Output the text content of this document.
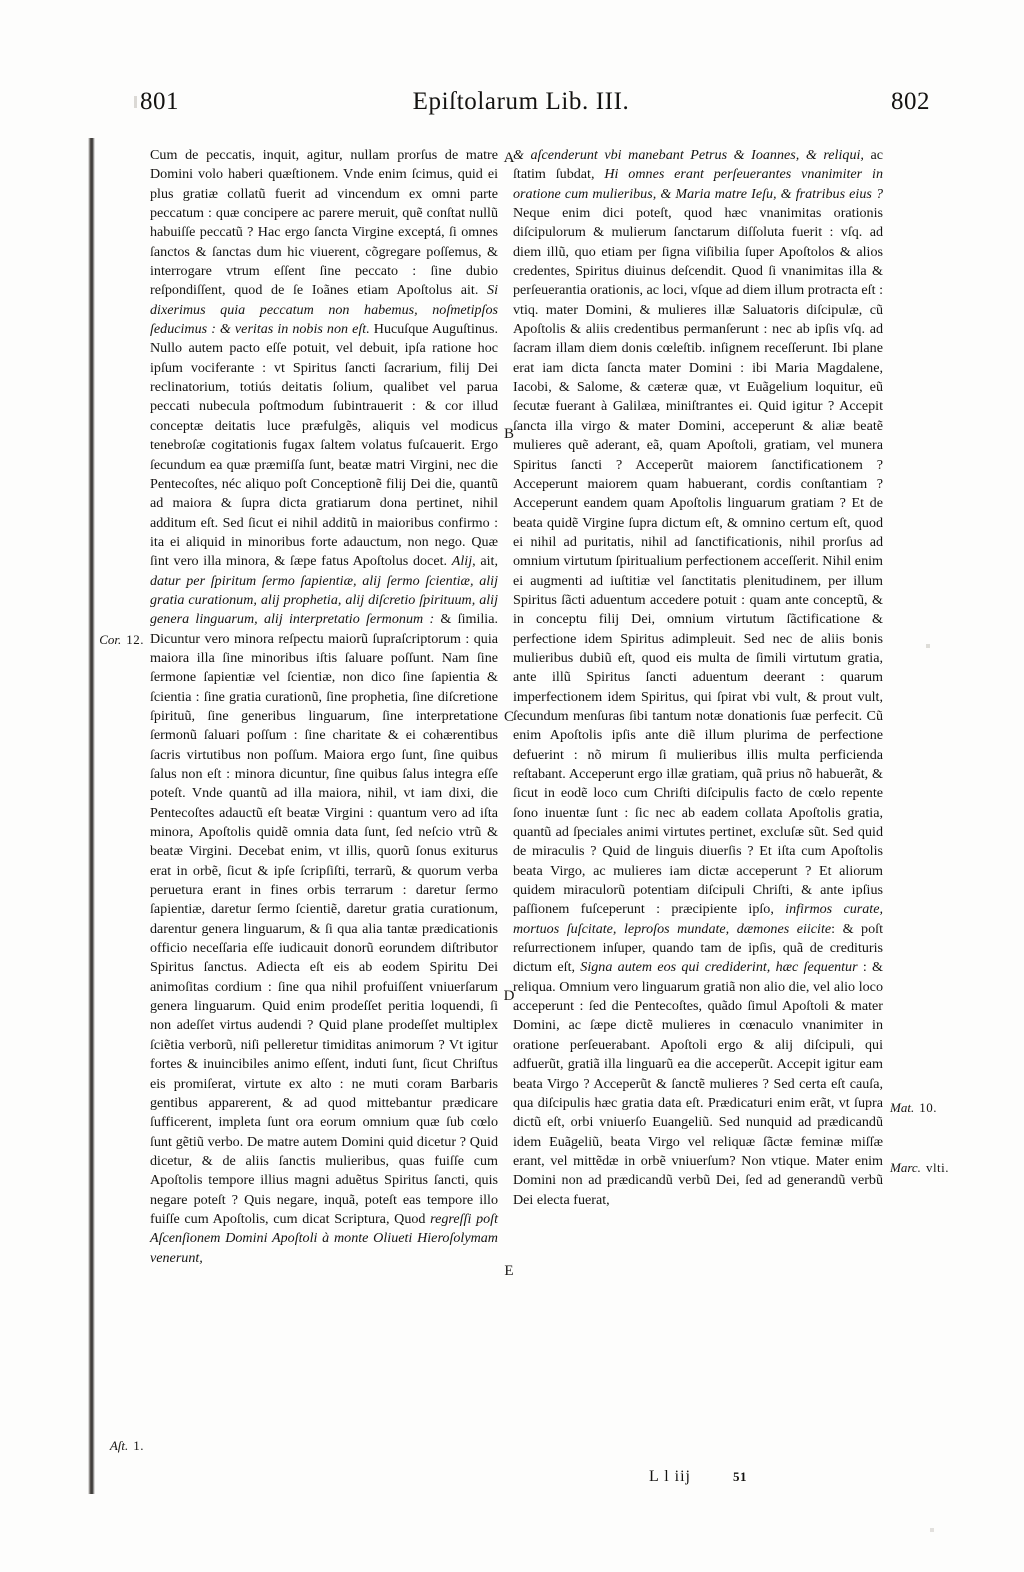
801	Epiſtolarum Lib. III.	802

Cum de peccatis, inquit, agitur, nullam prorſus de matre Domini volo haberi quæſtionem. Vnde enim ſcimus, quid ei plus gratiæ collatũ fuerit ad vincendum ex omni parte peccatum : quæ concipere ac parere meruit, quẽ conſtat nullũ habuiſſe peccatũ ? Hac ergo ſancta Virgine exceptá, ſi omnes ſanctos & ſanctas dum hic viuerent, cõgregare poſſemus, & interrogare vtrum eſſent ſine peccato : ſine dubio reſpondiſſent, quod de ſe Ioãnes etiam Apoſtolus ait. Si dixerimus quia peccatum non habemus, noſmetipſos ſeducimus : & veritas in nobis non eſt. Hucuſque Auguſtinus. Nullo autem pacto eſſe potuit, vel debuit, ipſa ratione hoc ipſum vociferante : vt Spiritus ſancti ſacrarium, filij Dei reclinatorium, totiús deitatis ſolium, qualibet vel parua peccati nubecula poſtmodum ſubintrauerit : & cor illud conceptæ deitatis luce præfulgẽs, aliquis vel modicus tenebroſæ cogitationis fugax ſaltem volatus fuſcauerit. Ergo ſecundum ea quæ præmiſſa ſunt, beatæ matri Virgini, nec die Pentecoſtes, néc aliquo poſt Conceptionẽ filij Dei die, quantũ ad maiora & ſupra dicta gratiarum dona pertinet, nihil additum eſt. Sed ſicut ei nihil additũ in maioribus confirmo : ita ei aliquid in minoribus forte adauctum, non nego. Quæ ſint vero illa minora, & ſæpe fatus Apoſtolus docet. Alij, ait, datur per ſpiritum ſermo ſapientiæ, alij ſermo ſcientiæ, alij gratia curationum, alij prophetia, alij diſcretio ſpirituum, alij genera linguarum, alij interpretatio ſermonum : & ſimilia. Dicuntur vero minora reſpectu maiorũ ſupraſcriptorum : quia maiora illa ſine minoribus iſtis ſaluare poſſunt. Nam ſine ſermone ſapientiæ vel ſcientiæ, non dico ſine ſapientia & ſcientia : ſine gratia curationũ, ſine prophetia, ſine diſcretione ſpirituũ, ſine generibus linguarum, ſine interpretatione ſermonũ ſaluari poſſum : ſine charitate & ei cohærentibus ſacris virtutibus non poſſum. Maiora ergo ſunt, ſine quibus ſalus non eſt : minora dicuntur, ſine quibus ſalus integra eſſe poteſt. Vnde quantũ ad illa maiora, nihil, vt iam dixi, die Pentecoſtes adauctũ eſt beatæ Virgini : quantum vero ad iſta minora, Apoſtolis quidẽ omnia data ſunt, ſed neſcio vtrũ & beatæ Virgini. Decebat enim, vt illis, quorũ ſonus exiturus erat in orbẽ, ſicut & ipſe ſcripſiſti, terrarũ, & quorum verba peruetura erant in fines orbis terrarum : daretur ſermo ſapientiæ, daretur ſermo ſcientiẽ, daretur gratia curationum, darentur genera linguarum, & ſi qua alia tantæ prædicationis officio neceſſaria eſſe iudicauit donorũ eorundem diſtributor Spiritus ſanctus. Adiecta eſt eis ab eodem Spiritu Dei animoſitas cordium : ſine qua nihil profuiſſent vniuerſarum genera linguarum. Quid enim prodeſſet peritia loquendi, ſi non adeſſet virtus audendi ? Quid plane prodeſſet multiplex ſciẽtia verborũ, niſi pelleretur timiditas animorum ? Vt igitur fortes & inuincibiles animo eſſent, induti ſunt, ſicut Chriſtus eis promiſerat, virtute ex alto : ne muti coram Barbaris gentibus apparerent, & ad quod mittebantur prædicare ſufficerent, impleta ſunt ora eorum omnium quæ ſub cœlo ſunt gẽtiũ verbo. De matre autem Domini quid dicetur ? Quid dicetur, & de aliis ſanctis mulieribus, quas fuiſſe cum Apoſtolis tempore illius magni aduẽtus Spiritus ſancti, quis negare poteſt ? Quis negare, inquã, poteſt eas tempore illo fuiſſe cum Apoſtolis, cum dicat Scriptura, Quod regreſſi poſt Aſcenſionem Domini Apoſtoli à monte Oliueti Hieroſolymam venerunt,

& aſcenderunt vbi manebant Petrus & Ioannes, & reliqui, ac ſtatim ſubdat, Hi omnes erant perſeuerantes vnanimiter in oratione cum mulieribus, & Maria matre Ieſu, & fratribus eius ? Neque enim dici poteſt, quod hæc vnanimitas orationis diſcipulorum & mulierum ſanctarum diſſoluta fuerit : vſq. ad diem illũ, quo etiam per ſigna viſibilia ſuper Apoſtolos & alios credentes, Spiritus diuinus deſcendit. Quod ſi vnanimitas illa & perſeuerantia orationis, ac loci, vſque ad diem illum protracta eſt : vtiq. mater Domini, & mulieres illæ Saluatoris diſcipulæ, cũ Apoſtolis & aliis credentibus permanſerunt : nec ab ipſis vſq. ad ſacram illam diem donis cœleſtib. inſignem receſſerunt. Ibi plane erat iam dicta ſancta mater Domini : ibi Maria Magdalene, Iacobi, & Salome, & cæteræ quæ, vt Euãgelium loquitur, eũ ſecutæ fuerant à Galilæa, miniſtrantes ei. Quid igitur ? Accepit ſancta illa virgo & mater Domini, acceperunt & aliæ beatẽ mulieres quẽ aderant, eã, quam Apoſtoli, gratiam, vel munera Spiritus ſancti ? Acceperũt maiorem ſanctificationem ? Acceperunt maiorem quam habuerant, cordis conſtantiam ? Acceperunt eandem quam Apoſtolis linguarum gratiam ? Et de beata quidẽ Virgine ſupra dictum eſt, & omnino certum eſt, quod ei nihil ad puritatis, nihil ad ſanctificationis, nihil prorſus ad omnium virtutum ſpiritualium perfectionem acceſſerit. Nihil enim ei augmenti ad iuſtitiæ vel ſanctitatis plenitudinem, per illum Spiritus ſãcti aduentum accedere potuit : quam ante conceptũ, & in conceptu filij Dei, omnium virtutum ſãctificatione & perfectione idem Spiritus adimpleuit. Sed nec de aliis bonis mulieribus dubiũ eſt, quod eis multa de ſimili virtutum gratia, ante illũ Spiritus ſancti aduentum deerant : quarum imperfectionem idem Spiritus, qui ſpirat vbi vult, & prout vult, ſecundum menſuras ſibi tantum notæ donationis ſuæ perfecit. Cũ enim Apoſtolis ipſis ante diẽ illum plurima de perfectione defuerint : nõ mirum ſi mulieribus illis multa perficienda reſtabant. Acceperunt ergo illæ gratiam, quã prius nõ habuerãt, & ſicut in eodẽ loco cum Chriſti diſcipulis facto de cœlo repente ſono inuentæ ſunt : ſic nec ab eadem collata Apoſtolis gratia, quantũ ad ſpeciales animi virtutes pertinet, excluſæ sũt. Sed quid de miraculis ? Quid de linguis diuerſis ? Et iſta cum Apoſtolis beata Virgo, ac mulieres iam dictæ acceperunt ? Et aliorum quidem miraculorũ potentiam diſcipuli Chriſti, & ante ipſius paſſionem fuſceperunt : præcipiente ipſo, infirmos curate, mortuos ſuſcitate, leproſos mundate, dæmones eiicite: & poſt reſurrectionem inſuper, quando tam de ipſis, quã de credituris dictum eſt, Signa autem eos qui crediderint, hæc ſequentur : & reliqua. Omnium vero linguarum gratiã non alio die, vel alio loco acceperunt : ſed die Pentecoſtes, quãdo ſimul Apoſtoli & mater Domini, ac ſæpe dictẽ mulieres in cœnaculo vnanimiter in oratione perſeuerabant. Apoſtoli ergo & alij diſcipuli, qui adfuerũt, gratiã illa linguarũ ea die acceperũt. Accepit igitur eam beata Virgo ? Acceperũt & ſanctẽ mulieres ? Sed certa eſt cauſa, qua diſcipulis hæc gratia data eſt. Prædicaturi enim erãt, vt ſupra dictũ eſt, orbi vniuerſo Euangeliũ. Sed nunquid ad prædicandũ idem Euãgeliũ, beata Virgo vel reliquæ ſãctæ feminæ miſſæ erant, vel mittẽdæ in orbẽ vniuerſum? Non vtique. Mater enim Domini non ad prædicandũ verbũ Dei, ſed ad generandũ verbũ Dei electa fuerat,

A
B
C
D
E
Cor. 12.
Aſt. 1.
Mat. 10.
Marc. vlti.
L l iij	51
